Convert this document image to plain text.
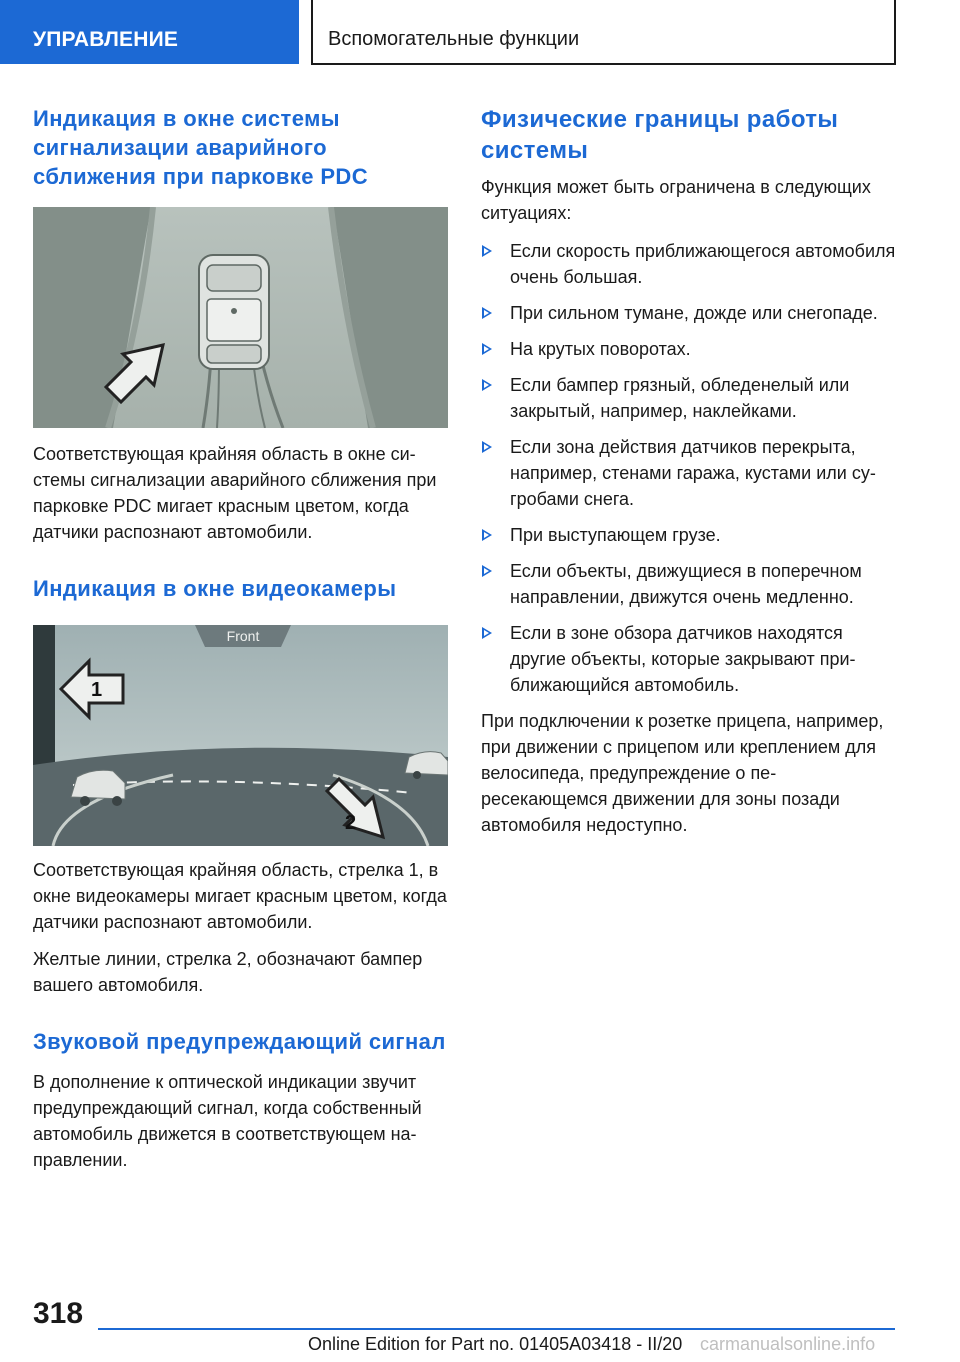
УПРАВЛЕНИЕ	Вспомогательные функции
Индикация в окне системы сигнализации аварийного сближения при парковке PDC

Соответствующая крайняя область в окне системы сигнализации аварийного сближения при парковке PDC мигает красным цветом, когда датчики распознают автомобили.

Индикация в окне видеокамеры
Front
1
2

Соответствующая крайняя область, стрелка 1, в окне видеокамеры мигает красным цветом, когда датчики распознают автомобили.

Желтые линии, стрелка 2, обозначают бампер вашего автомобиля.

Звуковой предупреждающий сигнал

В дополнение к оптической индикации звучит предупреждающий сигнал, когда собственный автомобиль движется в соответствующем направлении.

Физические границы работы системы

Функция может быть ограничена в следующих ситуациях:

Если скорость приближающегося автомобиля очень большая.
При сильном тумане, дожде или снегопаде.
На крутых поворотах.
Если бампер грязный, обледенелый или закрытый, например, наклейками.
Если зона действия датчиков перекрыта, например, стенами гаража, кустами или сугробами снега.
При выступающем грузе.
Если объекты, движущиеся в поперечном направлении, движутся очень медленно.
Если в зоне обзора датчиков находятся другие объекты, которые закрывают приближающийся автомобиль.

При подключении к розетке прицепа, например, при движении с прицепом или креплением для велосипеда, предупреждение о пересекающемся движении для зоны позади автомобиля недоступно.

318
Online Edition for Part no. 01405A03418 - II/20 carmanualsonline.info
